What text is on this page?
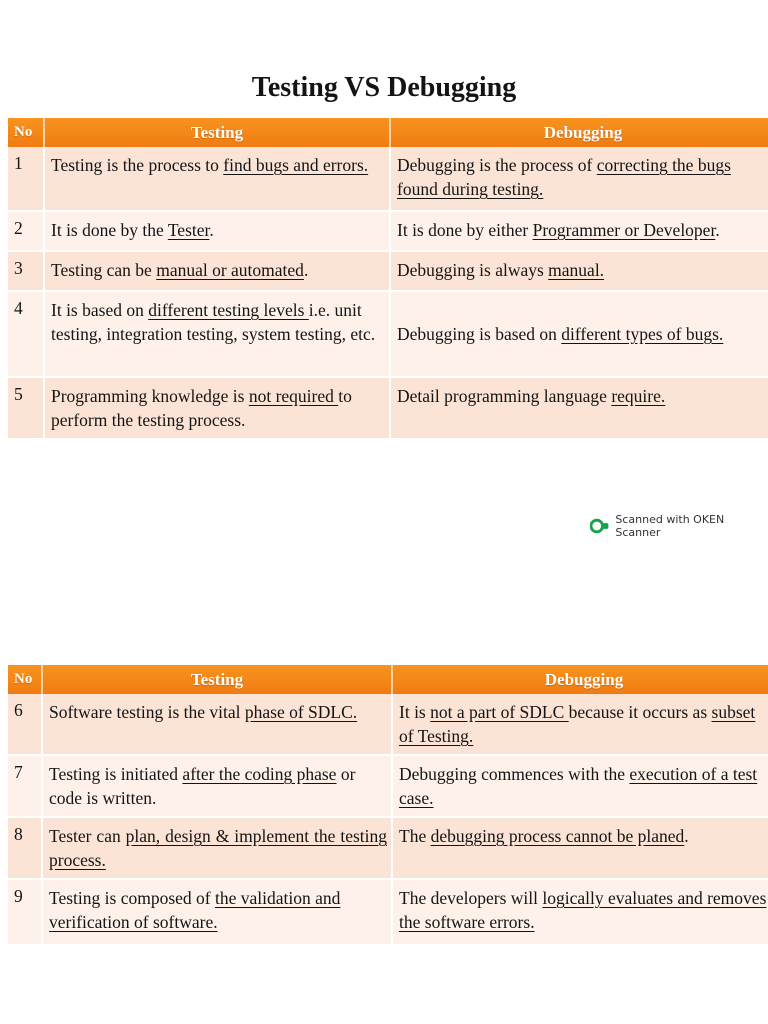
Testing VS Debugging
No	Testing	Debugging
1	Testing is the process to find bugs and errors.	Debugging is the process of correcting the bugs found during testing.
2	It is done by the Tester.	It is done by either Programmer or Developer.
3	Testing can be manual or automated.	Debugging is always manual.
4	It is based on different testing levels i.e. unit testing, integration testing, system testing, etc.	Debugging is based on different types of bugs.
5	Programming knowledge is not required to perform the testing process.	Detail programming language require.
Scanned with OKEN Scanner
No	Testing	Debugging
6	Software testing is the vital phase of SDLC.	It is not a part of SDLC because it occurs as subset of Testing.
7	Testing is initiated after the coding phase or code is written.	Debugging commences with the execution of a test case.
8	Tester can plan, design & implement the testing process.	The debugging process cannot be planed.
9	Testing is composed of the validation and verification of software.	The developers will logically evaluates and removes the software errors.
